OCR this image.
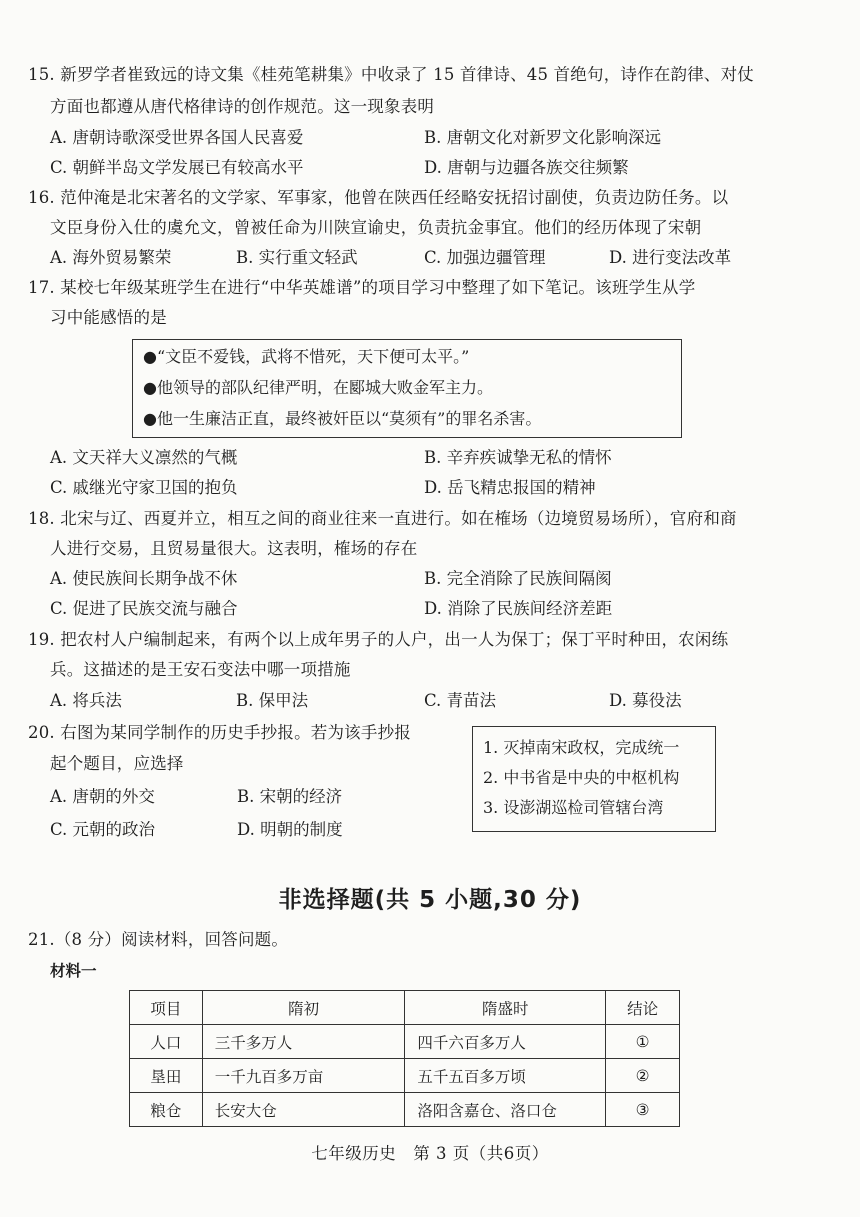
15. 新罗学者崔致远的诗文集《桂苑笔耕集》中收录了 15 首律诗、45 首绝句，诗作在韵律、对仗
方面也都遵从唐代格律诗的创作规范。这一现象表明
A. 唐朝诗歌深受世界各国人民喜爱	B. 唐朝文化对新罗文化影响深远
C. 朝鲜半岛文学发展已有较高水平	D. 唐朝与边疆各族交往频繁
16. 范仲淹是北宋著名的文学家、军事家，他曾在陕西任经略安抚招讨副使，负责边防任务。以
文臣身份入仕的虞允文，曾被任命为川陕宣谕史，负责抗金事宜。他们的经历体现了宋朝
A. 海外贸易繁荣	B. 实行重文轻武	C. 加强边疆管理	D. 进行变法改革
17. 某校七年级某班学生在进行“中华英雄谱”的项目学习中整理了如下笔记。该班学生从学
习中能感悟的是
●“文臣不爱钱，武将不惜死，天下便可太平。”
●他领导的部队纪律严明，在郾城大败金军主力。
●他一生廉洁正直，最终被奸臣以“莫须有”的罪名杀害。
A. 文天祥大义凛然的气概	B. 辛弃疾诚挚无私的情怀
C. 戚继光守家卫国的抱负	D. 岳飞精忠报国的精神
18. 北宋与辽、西夏并立，相互之间的商业往来一直进行。如在榷场（边境贸易场所），官府和商
人进行交易，且贸易量很大。这表明，榷场的存在
A. 使民族间长期争战不休	B. 完全消除了民族间隔阂
C. 促进了民族交流与融合	D. 消除了民族间经济差距
19. 把农村人户编制起来，有两个以上成年男子的人户，出一人为保丁；保丁平时种田，农闲练
兵。这描述的是王安石变法中哪一项措施
A. 将兵法	B. 保甲法	C. 青苗法	D. 募役法
20. 右图为某同学制作的历史手抄报。若为该手抄报
起个题目，应选择
A. 唐朝的外交	B. 宋朝的经济
C. 元朝的政治	D. 明朝的制度
1. 灭掉南宋政权，完成统一
2. 中书省是中央的中枢机构
3. 设澎湖巡检司管辖台湾
非选择题(共 5 小题,30 分)
21.（8 分）阅读材料，回答问题。
材料一
项目	隋初	隋盛时	结论
人口	三千多万人	四千六百多万人	①
垦田	一千九百多万亩	五千五百多万顷	②
粮仓	长安大仓	洛阳含嘉仓、洛口仓	③
七年级历史　第 3 页（共6页）
